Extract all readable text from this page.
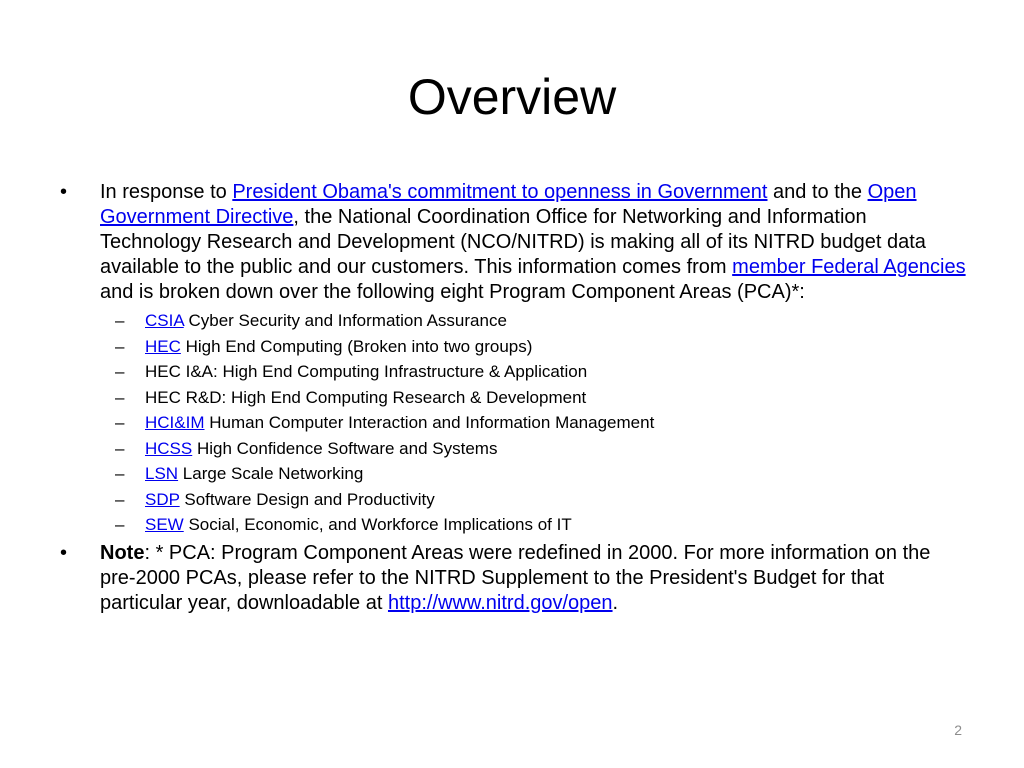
Overview

• In response to President Obama's commitment to openness in Government and to the Open Government Directive, the National Coordination Office for Networking and Information Technology Research and Development (NCO/NITRD) is making all of its NITRD budget data available to the public and our customers. This information comes from member Federal Agencies and is broken down over the following eight Program Component Areas (PCA)*:

– CSIA Cyber Security and Information Assurance
– HEC High End Computing (Broken into two groups)
– HEC I&A: High End Computing Infrastructure & Application
– HEC R&D: High End Computing Research & Development
– HCI&IM Human Computer Interaction and Information Management
– HCSS High Confidence Software and Systems
– LSN Large Scale Networking
– SDP Software Design and Productivity
– SEW Social, Economic, and Workforce Implications of IT

• Note: * PCA: Program Component Areas were redefined in 2000. For more information on the pre-2000 PCAs, please refer to the NITRD Supplement to the President's Budget for that particular year, downloadable at http://www.nitrd.gov/open.

2
